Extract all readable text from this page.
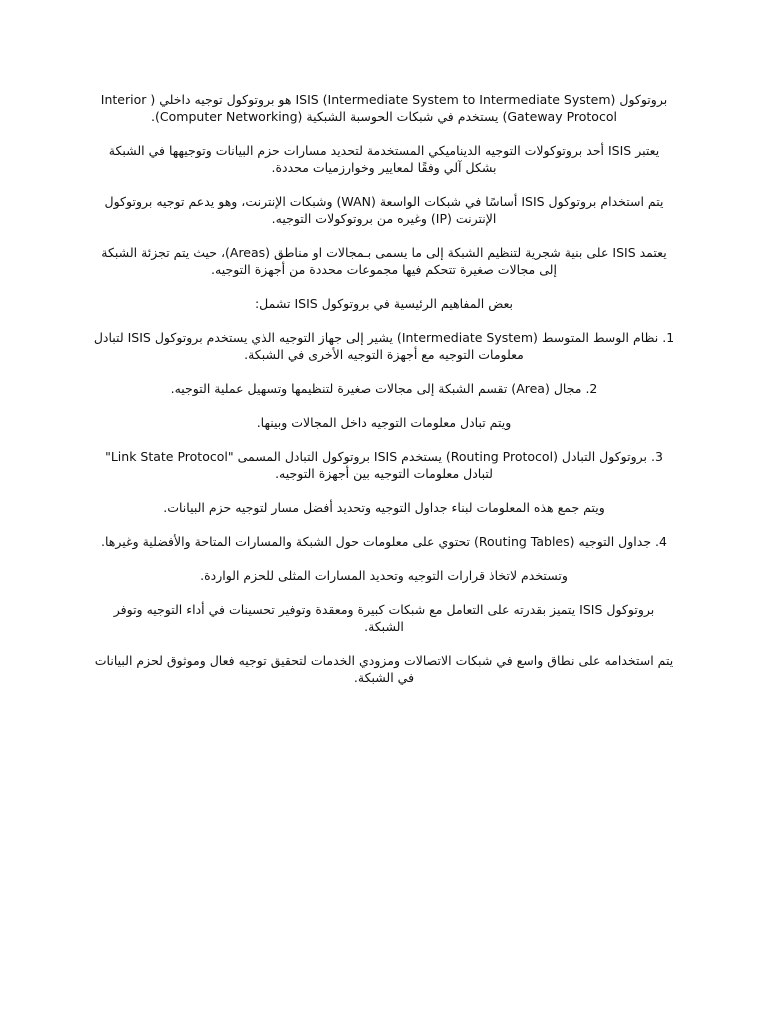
بروتوكول ISIS (Intermediate System to Intermediate System) هو بروتوكول توجيه داخلي ( Interior Gateway Protocol) يستخدم في شبكات الحوسبة الشبكية (Computer Networking).

يعتبر ISIS أحد بروتوكولات التوجيه الديناميكي المستخدمة لتحديد مسارات حزم البيانات وتوجيهها في الشبكة بشكل آلي وفقًا لمعايير وخوارزميات محددة.

يتم استخدام بروتوكول ISIS أساسًا في شبكات الواسعة (WAN) وشبكات الإنترنت، وهو يدعم توجيه بروتوكول الإنترنت (IP) وغيره من بروتوكولات التوجيه.

يعتمد ISIS على بنية شجرية لتنظيم الشبكة إلى ما يسمى بـمجالات او مناطق (Areas)، حيث يتم تجزئة الشبكة إلى مجالات صغيرة تتحكم فيها مجموعات محددة من أجهزة التوجيه.

بعض المفاهيم الرئيسية في بروتوكول ISIS تشمل:

1. نظام الوسط المتوسط (Intermediate System) يشير إلى جهاز التوجيه الذي يستخدم بروتوكول ISIS لتبادل معلومات التوجيه مع أجهزة التوجيه الأخرى في الشبكة.

2. مجال (Area) تقسم الشبكة إلى مجالات صغيرة لتنظيمها وتسهيل عملية التوجيه.

ويتم تبادل معلومات التوجيه داخل المجالات وبينها.

3. بروتوكول التبادل (Routing Protocol) يستخدم ISIS بروتوكول التبادل المسمى "Link State Protocol" لتبادل معلومات التوجيه بين أجهزة التوجيه.

ويتم جمع هذه المعلومات لبناء جداول التوجيه وتحديد أفضل مسار لتوجيه حزم البيانات.

4. جداول التوجيه (Routing Tables) تحتوي على معلومات حول الشبكة والمسارات المتاحة والأفضلية وغيرها.

وتستخدم لاتخاذ قرارات التوجيه وتحديد المسارات المثلى للحزم الواردة.

بروتوكول ISIS يتميز بقدرته على التعامل مع شبكات كبيرة ومعقدة وتوفير تحسينات في أداء التوجيه وتوفر الشبكة.

يتم استخدامه على نطاق واسع في شبكات الاتصالات ومزودي الخدمات لتحقيق توجيه فعال وموثوق لحزم البيانات في الشبكة.
